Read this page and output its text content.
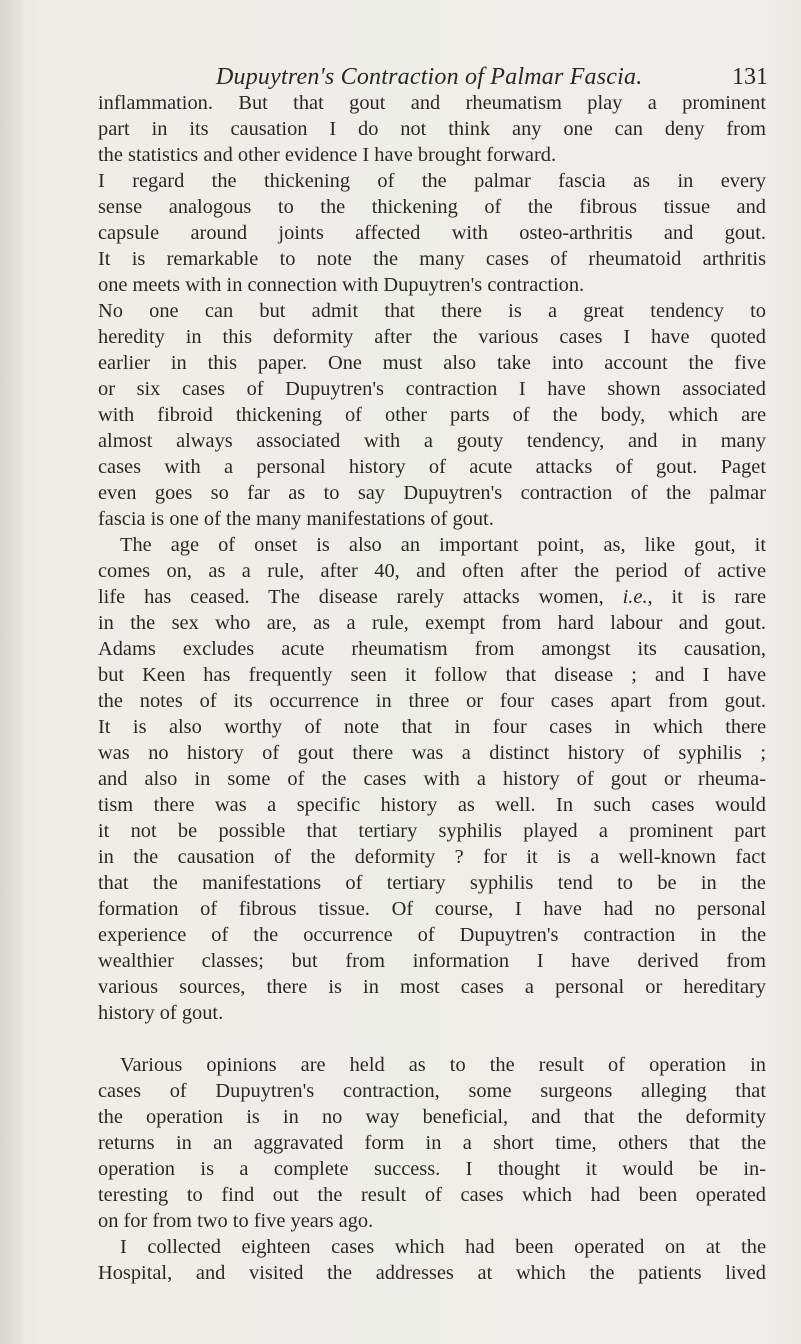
Dupuytren's Contraction of Palmar Fascia.	131
inflammation. But that gout and rheumatism play a prominent
part in its causation I do not think any one can deny from
the statistics and other evidence I have brought forward.
I regard the thickening of the palmar fascia as in every
sense analogous to the thickening of the fibrous tissue and
capsule around joints affected with osteo-arthritis and gout.
It is remarkable to note the many cases of rheumatoid arthritis
one meets with in connection with Dupuytren's contraction.
No one can but admit that there is a great tendency to
heredity in this deformity after the various cases I have quoted
earlier in this paper. One must also take into account the five
or six cases of Dupuytren's contraction I have shown associated
with fibroid thickening of other parts of the body, which are
almost always associated with a gouty tendency, and in many
cases with a personal history of acute attacks of gout. Paget
even goes so far as to say Dupuytren's contraction of the palmar
fascia is one of the many manifestations of gout.
The age of onset is also an important point, as, like gout, it
comes on, as a rule, after 40, and often after the period of active
life has ceased. The disease rarely attacks women, i.e., it is rare
in the sex who are, as a rule, exempt from hard labour and gout.
Adams excludes acute rheumatism from amongst its causation,
but Keen has frequently seen it follow that disease ; and I have
the notes of its occurrence in three or four cases apart from gout.
It is also worthy of note that in four cases in which there
was no history of gout there was a distinct history of syphilis ;
and also in some of the cases with a history of gout or rheuma-
tism there was a specific history as well. In such cases would
it not be possible that tertiary syphilis played a prominent part
in the causation of the deformity ? for it is a well-known fact
that the manifestations of tertiary syphilis tend to be in the
formation of fibrous tissue. Of course, I have had no personal
experience of the occurrence of Dupuytren's contraction in the
wealthier classes; but from information I have derived from
various sources, there is in most cases a personal or hereditary
history of gout.
Various opinions are held as to the result of operation in
cases of Dupuytren's contraction, some surgeons alleging that
the operation is in no way beneficial, and that the deformity
returns in an aggravated form in a short time, others that the
operation is a complete success. I thought it would be in-
teresting to find out the result of cases which had been operated
on for from two to five years ago.
I collected eighteen cases which had been operated on at the
Hospital, and visited the addresses at which the patients lived
